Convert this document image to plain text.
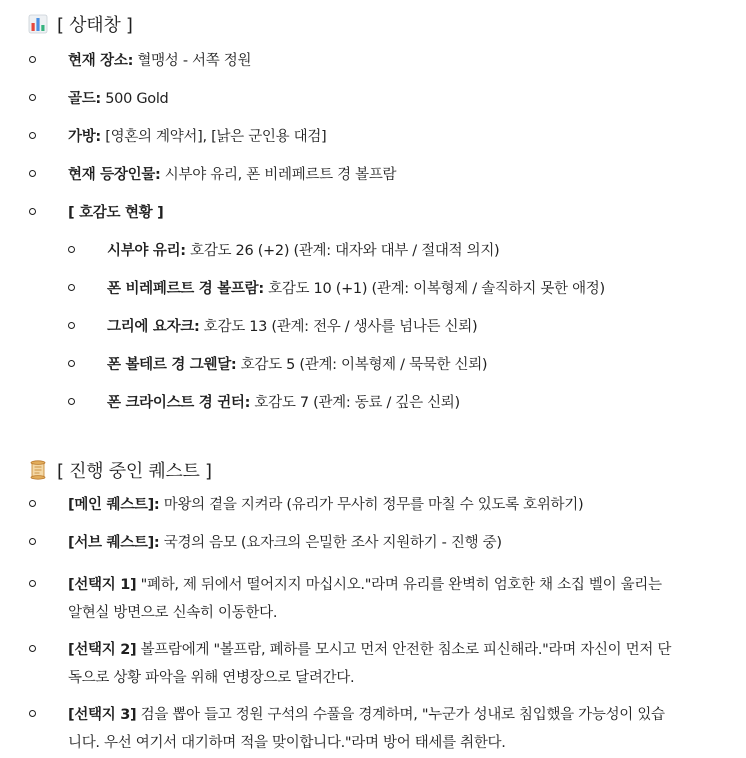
[ 상태창 ]
현재 장소: 혈맹성 - 서쪽 정원
골드: 500 Gold
가방: [영혼의 계약서], [낡은 군인용 대검]
현재 등장인물: 시부야 유리, 폰 비레페르트 경 볼프람
[ 호감도 현황 ]
시부야 유리: 호감도 26 (+2) (관계: 대자와 대부 / 절대적 의지)
폰 비레페르트 경 볼프람: 호감도 10 (+1) (관계: 이복형제 / 솔직하지 못한 애정)
그리에 요자크: 호감도 13 (관계: 전우 / 생사를 넘나든 신뢰)
폰 볼테르 경 그웬달: 호감도 5 (관계: 이복형제 / 묵묵한 신뢰)
폰 크라이스트 경 귄터: 호감도 7 (관계: 동료 / 깊은 신뢰)
[ 진행 중인 퀘스트 ]
[메인 퀘스트]: 마왕의 곁을 지켜라 (유리가 무사히 정무를 마칠 수 있도록 호위하기)
[서브 퀘스트]: 국경의 음모 (요자크의 은밀한 조사 지원하기 - 진행 중)
[선택지 1] "폐하, 제 뒤에서 떨어지지 마십시오."라며 유리를 완벽히 엄호한 채 소집 벨이 울리는
알현실 방면으로 신속히 이동한다.
[선택지 2] 볼프람에게 "볼프람, 폐하를 모시고 먼저 안전한 침소로 피신해라."라며 자신이 먼저 단
독으로 상황 파악을 위해 연병장으로 달려간다.
[선택지 3] 검을 뽑아 들고 정원 구석의 수풀을 경계하며, "누군가 성내로 침입했을 가능성이 있습
니다. 우선 여기서 대기하며 적을 맞이합니다."라며 방어 태세를 취한다.
